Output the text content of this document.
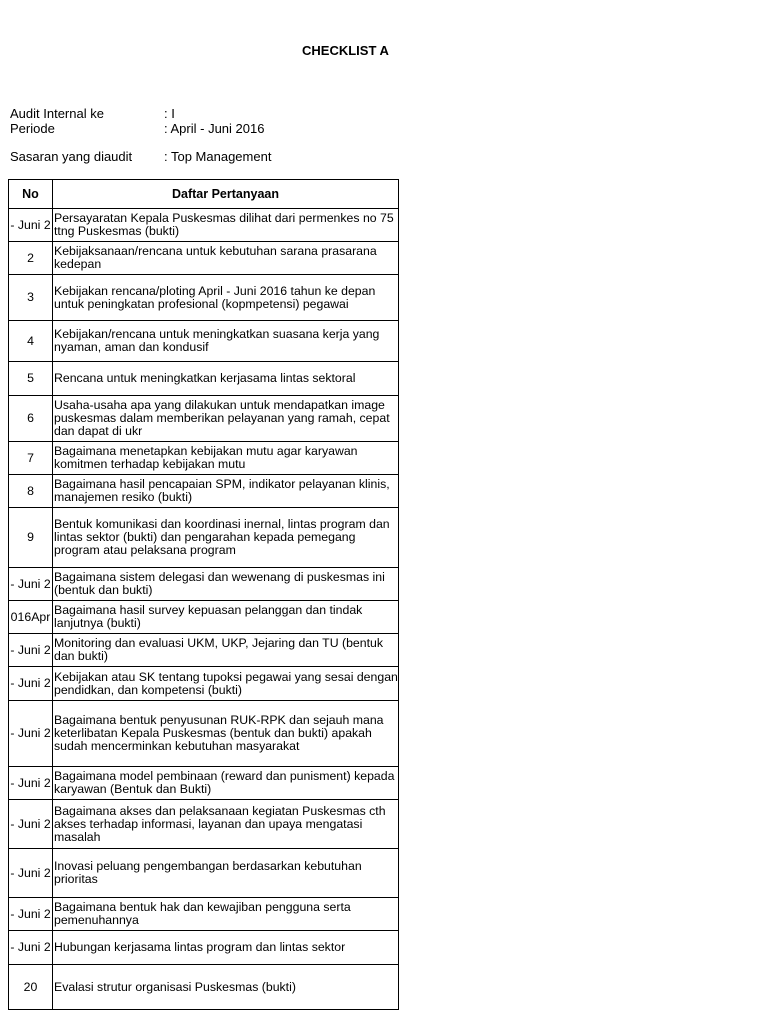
CHECKLIST A
Audit Internal ke	: I
Periode	: April - Juni 2016
Sasaran yang diaudit : Top Management
No	Daftar Pertanyaan
- Juni 2	Persayaratan Kepala Puskesmas dilihat dari permenkes no 75 ttng Puskesmas (bukti)

2	Kebijaksanaan/rencana untuk kebutuhan sarana prasarana kedepan

3	Kebijakan rencana/ploting April - Juni 2016 tahun ke depan untuk peningkatan profesional (kopmpetensi) pegawai

4	Kebijakan/rencana untuk meningkatkan suasana kerja yang nyaman, aman dan kondusif

5	Rencana untuk meningkatkan kerjasama lintas sektoral

6	Usaha-usaha apa yang dilakukan untuk mendapatkan image puskesmas dalam memberikan pelayanan yang ramah, cepat dan dapat di ukr

7	Bagaimana menetapkan kebijakan mutu agar karyawan komitmen terhadap kebijakan mutu

8	Bagaimana hasil pencapaian SPM, indikator pelayanan klinis, manajemen resiko (bukti)

9	Bentuk komunikasi dan koordinasi inernal, lintas program dan lintas sektor (bukti) dan pengarahan kepada pemegang program atau pelaksana program

- Juni 2	Bagaimana sistem delegasi dan wewenang di puskesmas ini (bentuk dan bukti)

016Apr	Bagaimana hasil survey kepuasan pelanggan dan tindak lanjutnya (bukti)

- Juni 2	Monitoring dan evaluasi UKM, UKP, Jejaring dan TU (bentuk dan bukti)

- Juni 2	Kebijakan atau SK tentang tupoksi pegawai yang sesai dengan pendidkan, dan kompetensi (bukti)

- Juni 2	Bagaimana bentuk penyusunan RUK-RPK dan sejauh mana keterlibatan Kepala Puskesmas (bentuk dan bukti) apakah sudah mencerminkan kebutuhan masyarakat

- Juni 2	Bagaimana model pembinaan (reward dan punisment) kepada karyawan (Bentuk dan Bukti)

- Juni 2	Bagaimana akses dan pelaksanaan kegiatan Puskesmas cth akses terhadap informasi, layanan dan upaya mengatasi masalah

- Juni 2	Inovasi peluang pengembangan berdasarkan kebutuhan prioritas

- Juni 2	Bagaimana bentuk hak dan kewajiban pengguna serta pemenuhannya

- Juni 2	Hubungan kerjasama lintas program dan lintas sektor

20	Evalasi strutur organisasi Puskesmas (bukti)
